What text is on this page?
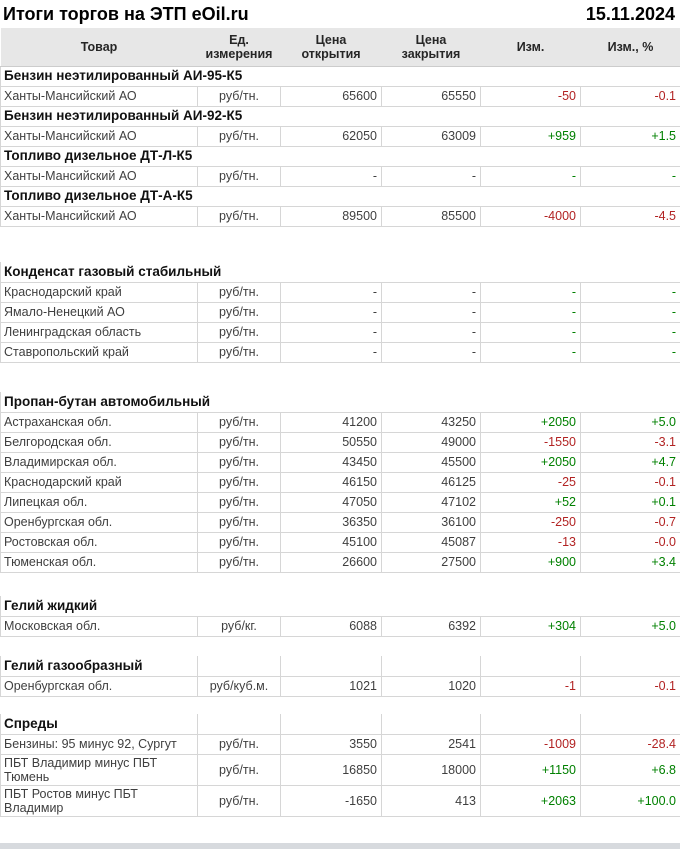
Итоги торгов на ЭТП eOil.ru	15.11.2024
Товар	Ед. измерения	Цена открытия	Цена закрытия	Изм.	Изм., %
Бензин неэтилированный АИ-95-К5					
Ханты-Мансийский АО	руб/тн.	65600	65550	-50	-0.1
Бензин неэтилированный АИ-92-К5					
Ханты-Мансийский АО	руб/тн.	62050	63009	+959	+1.5
Топливо дизельное ДТ-Л-К5					
Ханты-Мансийский АО	руб/тн.	-	-	-	-
Топливо дизельное ДТ-А-К5					
Ханты-Мансийский АО	руб/тн.	89500	85500	-4000	-4.5

Конденсат газовый стабильный					
Краснодарский край	руб/тн.	-	-	-	-
Ямало-Ненецкий АО	руб/тн.	-	-	-	-
Ленинградская область	руб/тн.	-	-	-	-
Ставропольский край	руб/тн.	-	-	-	-

Пропан-бутан автомобильный					
Астраханская обл.	руб/тн.	41200	43250	+2050	+5.0
Белгородская обл.	руб/тн.	50550	49000	-1550	-3.1
Владимирская обл.	руб/тн.	43450	45500	+2050	+4.7
Краснодарский край	руб/тн.	46150	46125	-25	-0.1
Липецкая обл.	руб/тн.	47050	47102	+52	+0.1
Оренбургская обл.	руб/тн.	36350	36100	-250	-0.7
Ростовская обл.	руб/тн.	45100	45087	-13	-0.0
Тюменская обл.	руб/тн.	26600	27500	+900	+3.4

Гелий жидкий					
Московская обл.	руб/кг.	6088	6392	+304	+5.0

Гелий газообразный					
Оренбургская обл.	руб/куб.м.	1021	1020	-1	-0.1

Спреды					
Бензины: 95 минус 92, Сургут	руб/тн.	3550	2541	-1009	-28.4
ПБТ Владимир минус ПБТ Тюмень	руб/тн.	16850	18000	+1150	+6.8
ПБТ Ростов минус ПБТ Владимир	руб/тн.	-1650	413	+2063	+100.0
